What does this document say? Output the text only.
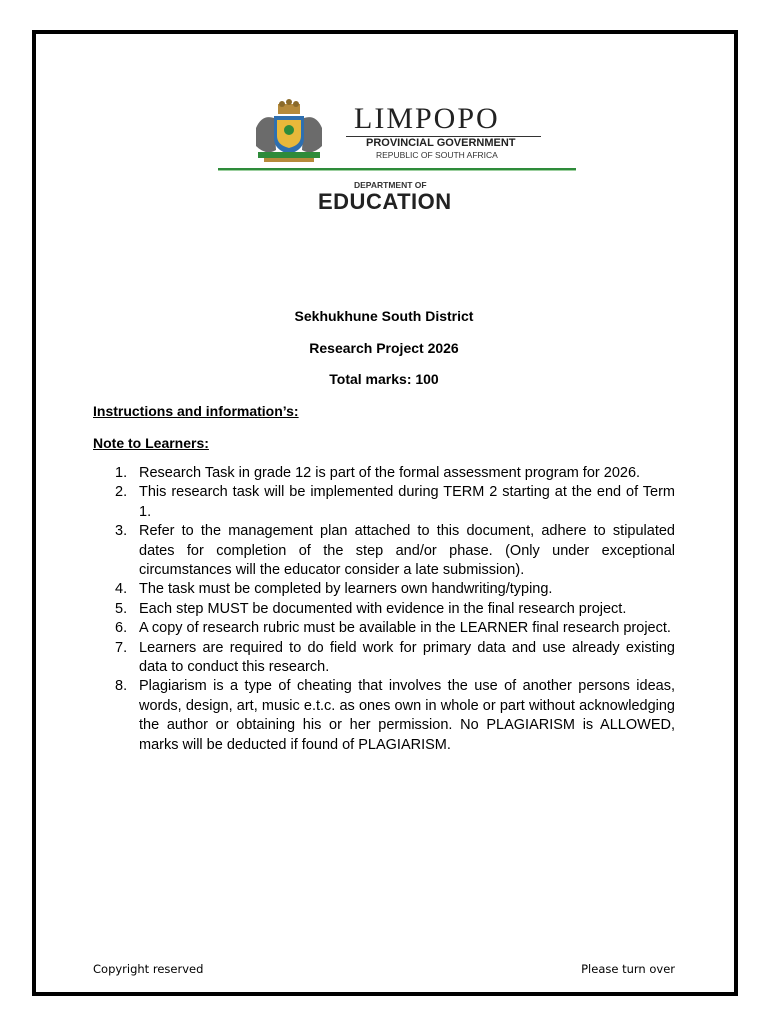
LIMPOPO
PROVINCIAL GOVERNMENT
REPUBLIC OF SOUTH AFRICA
DEPARTMENT OF
EDUCATION
Sekhukhune South District
Research Project 2026
Total marks: 100
Instructions and information’s:
Note to Learners:
1. Research Task in grade 12 is part of the formal assessment program for 2026.
2. This research task will be implemented during TERM 2 starting at the end of Term 1.
3. Refer to the management plan attached to this document, adhere to stipulated dates for completion of the step and/or phase. (Only under exceptional circumstances will the educator consider a late submission).
4. The task must be completed by learners own handwriting/typing.
5. Each step MUST be documented with evidence in the final research project.
6. A copy of research rubric must be available in the LEARNER final research project.
7. Learners are required to do field work for primary data and use already existing data to conduct this research.
8. Plagiarism is a type of cheating that involves the use of another persons ideas, words, design, art, music e.t.c. as ones own in whole or part without acknowledging the author or obtaining his or her permission. No PLAGIARISM is ALLOWED, marks will be deducted if found of PLAGIARISM.
Copyright reserved	Please turn over
